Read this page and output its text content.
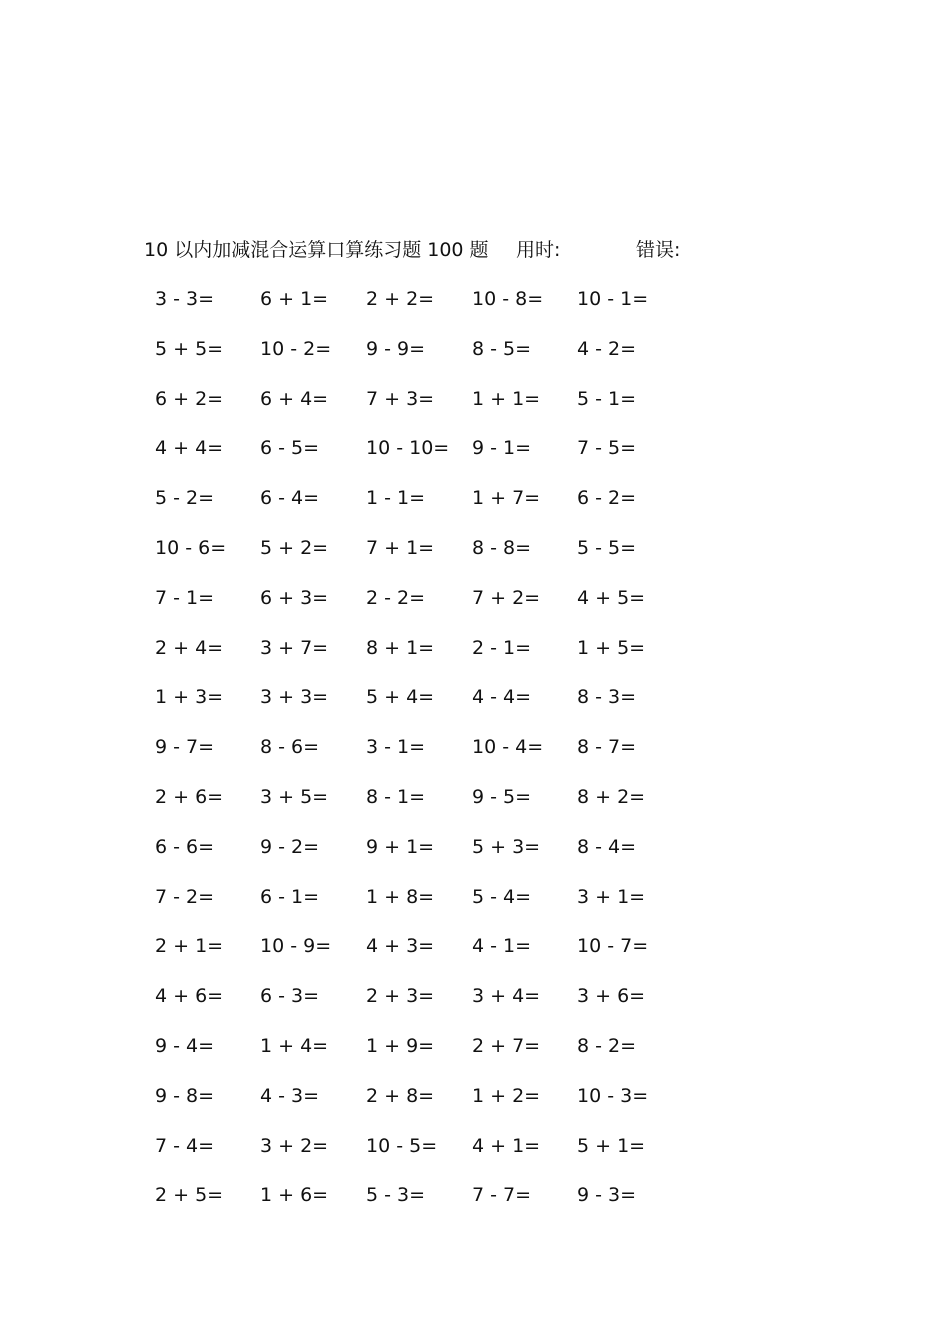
10 以内加减混合运算口算练习题 100 题 用时:	错误:
3 - 3= 6 + 1= 2 + 2= 10 - 8= 10 - 1=
5 + 5= 10 - 2= 9 - 9= 8 - 5= 4 - 2=
6 + 2= 6 + 4= 7 + 3= 1 + 1= 5 - 1=
4 + 4= 6 - 5= 10 - 10= 9 - 1= 7 - 5=
5 - 2= 6 - 4= 1 - 1= 1 + 7= 6 - 2=
10 - 6= 5 + 2= 7 + 1= 8 - 8= 5 - 5=
7 - 1= 6 + 3= 2 - 2= 7 + 2= 4 + 5=
2 + 4= 3 + 7= 8 + 1= 2 - 1= 1 + 5=
1 + 3= 3 + 3= 5 + 4= 4 - 4= 8 - 3=
9 - 7= 8 - 6= 3 - 1= 10 - 4= 8 - 7=
2 + 6= 3 + 5= 8 - 1= 9 - 5= 8 + 2=
6 - 6= 9 - 2= 9 + 1= 5 + 3= 8 - 4=
7 - 2= 6 - 1= 1 + 8= 5 - 4= 3 + 1=
2 + 1= 10 - 9= 4 + 3= 4 - 1= 10 - 7=
4 + 6= 6 - 3= 2 + 3= 3 + 4= 3 + 6=
9 - 4= 1 + 4= 1 + 9= 2 + 7= 8 - 2=
9 - 8= 4 - 3= 2 + 8= 1 + 2= 10 - 3=
7 - 4= 3 + 2= 10 - 5= 4 + 1= 5 + 1=
2 + 5= 1 + 6= 5 - 3= 7 - 7= 9 - 3=
